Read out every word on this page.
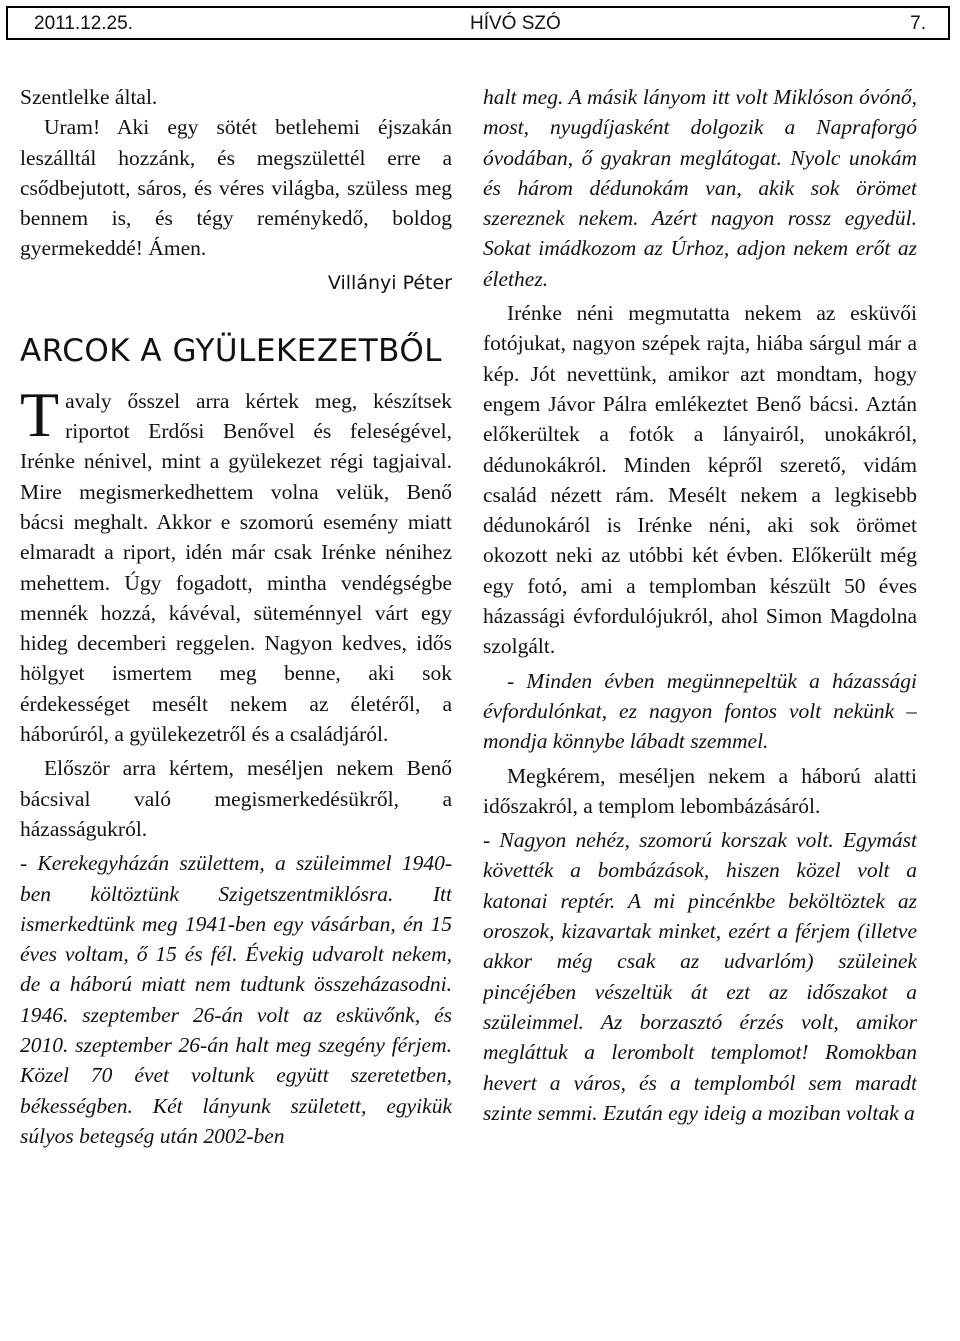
2011.12.25.	HÍVÓ SZÓ	7.

Szentlelke által.

Uram! Aki egy sötét betlehemi éjszakán leszálltál hozzánk, és megszülettél erre a csődbejutott, sáros, és véres világba, szüless meg bennem is, és tégy reménykedő, boldog gyermekeddé! Ámen.

Villányi Péter
ARCOK A GYÜLEKEZETBŐL

Tavaly ősszel arra kértek meg, készítsek riportot Erdősi Benővel és feleségével, Irénke nénivel, mint a gyülekezet régi tagjaival. Mire megismerkedhettem volna velük, Benő bácsi meghalt. Akkor e szomorú esemény miatt elmaradt a riport, idén már csak Irénke nénihez mehettem. Úgy fogadott, mintha vendégségbe mennék hozzá, kávéval, süteménnyel várt egy hideg decemberi reggelen. Nagyon kedves, idős hölgyet ismertem meg benne, aki sok érdekességet mesélt nekem az életéről, a háborúról, a gyülekezetről és a családjáról.

Először arra kértem, meséljen nekem Benő bácsival való megismerkedésükről, a házasságukról.

- Kerekegyházán születtem, a szüleimmel 1940-ben költöztünk Szigetszentmiklósra. Itt ismerkedtünk meg 1941-ben egy vásárban, én 15 éves voltam, ő 15 és fél. Évekig udvarolt nekem, de a háború miatt nem tudtunk összeházasodni. 1946. szeptember 26-án volt az esküvőnk, és 2010. szeptember 26-án halt meg szegény férjem. Közel 70 évet voltunk együtt szeretetben, békességben. Két lányunk született, egyikük súlyos betegség után 2002-ben

halt meg. A másik lányom itt volt Miklóson óvónő, most, nyugdíjasként dolgozik a Napraforgó óvodában, ő gyakran meglátogat. Nyolc unokám és három dédunokám van, akik sok örömet szereznek nekem. Azért nagyon rossz egyedül. Sokat imádkozom az Úrhoz, adjon nekem erőt az élethez.

Irénke néni megmutatta nekem az esküvői fotójukat, nagyon szépek rajta, hiába sárgul már a kép. Jót nevettünk, amikor azt mondtam, hogy engem Jávor Pálra emlékeztet Benő bácsi. Aztán előkerültek a fotók a lányairól, unokákról, dédunokákról. Minden képről szerető, vidám család nézett rám. Mesélt nekem a legkisebb dédunokáról is Irénke néni, aki sok örömet okozott neki az utóbbi két évben. Előkerült még egy fotó, ami a templomban készült 50 éves házassági évfordulójukról, ahol Simon Magdolna szolgált.

- Minden évben megünnepeltük a házassági évfordulónkat, ez nagyon fontos volt nekünk – mondja könnybe lábadt szemmel.

Megkérem, meséljen nekem a háború alatti időszakról, a templom lebombázásáról.

- Nagyon nehéz, szomorú korszak volt. Egymást követték a bombázások, hiszen közel volt a katonai reptér. A mi pincénkbe beköltöztek az oroszok, kizavartak minket, ezért a férjem (illetve akkor még csak az udvarlóm) szüleinek pincéjében vészeltük át ezt az időszakot a szüleimmel. Az borzasztó érzés volt, amikor megláttuk a lerombolt templomot! Romokban hevert a város, és a templomból sem maradt szinte semmi. Ezután egy ideig a moziban voltak a
